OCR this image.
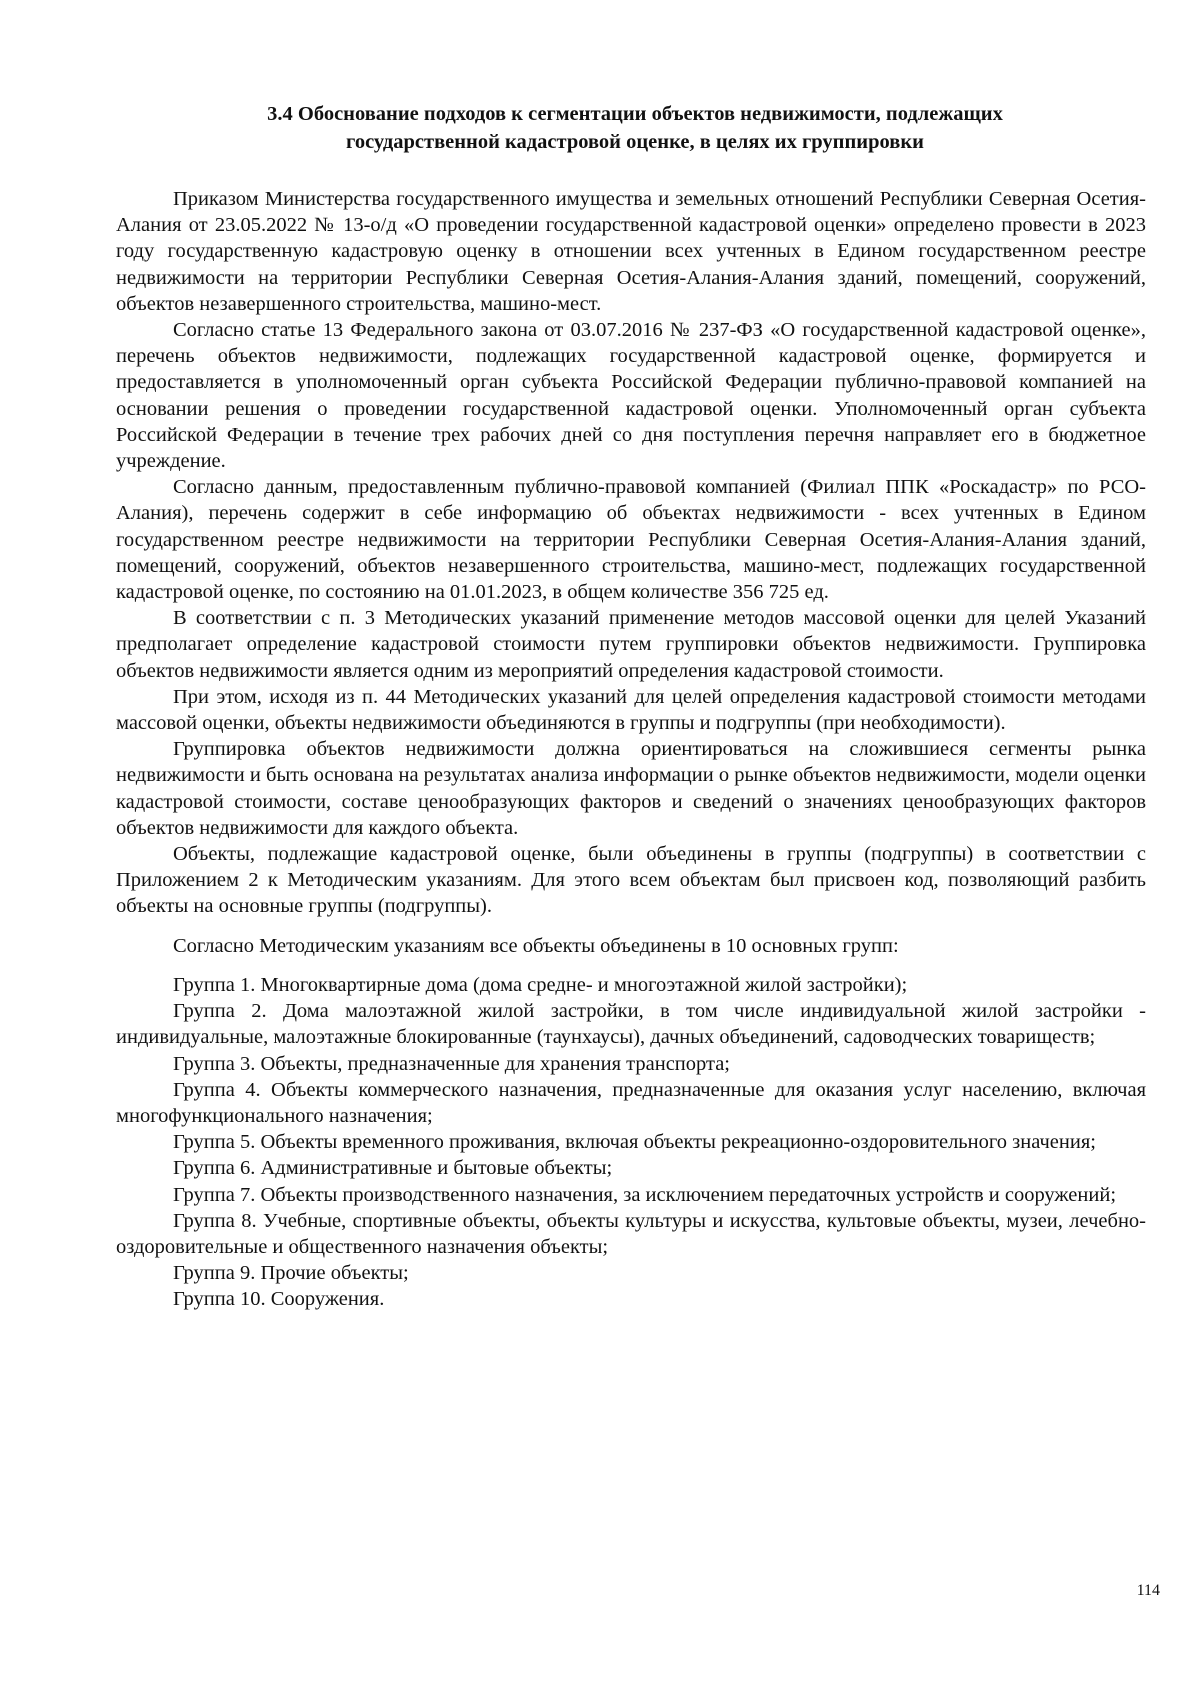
3.4 Обоснование подходов к сегментации объектов недвижимости, подлежащих
государственной кадастровой оценке, в целях их группировки

Приказом Министерства государственного имущества и земельных отношений Республики Северная Осетия-Алания от 23.05.2022 № 13-о/д «О проведении государственной кадастровой оценки» определено провести в 2023 году государственную кадастровую оценку в отношении всех учтенных в Едином государственном реестре недвижимости на территории Республики Северная Осетия-Алания-Алания зданий, помещений, сооружений, объектов незавершенного строительства, машино-мест.

Согласно статье 13 Федерального закона от 03.07.2016 № 237-ФЗ «О государственной кадастровой оценке», перечень объектов недвижимости, подлежащих государственной кадастровой оценке, формируется и предоставляется в уполномоченный орган субъекта Российской Федерации публично-правовой компанией на основании решения о проведении государственной кадастровой оценки. Уполномоченный орган субъекта Российской Федерации в течение трех рабочих дней со дня поступления перечня направляет его в бюджетное учреждение.

Согласно данным, предоставленным публично-правовой компанией (Филиал ППК «Роскадастр» по РСО-Алания), перечень содержит в себе информацию об объектах недвижимости - всех учтенных в Едином государственном реестре недвижимости на территории Республики Северная Осетия-Алания-Алания зданий, помещений, сооружений, объектов незавершенного строительства, машино-мест, подлежащих государственной кадастровой оценке, по состоянию на 01.01.2023, в общем количестве 356 725 ед.

В соответствии с п. 3 Методических указаний применение методов массовой оценки для целей Указаний предполагает определение кадастровой стоимости путем группировки объектов недвижимости. Группировка объектов недвижимости является одним из мероприятий определения кадастровой стоимости.

При этом, исходя из п. 44 Методических указаний для целей определения кадастровой стоимости методами массовой оценки, объекты недвижимости объединяются в группы и подгруппы (при необходимости).

Группировка объектов недвижимости должна ориентироваться на сложившиеся сегменты рынка недвижимости и быть основана на результатах анализа информации о рынке объектов недвижимости, модели оценки кадастровой стоимости, составе ценообразующих факторов и сведений о значениях ценообразующих факторов объектов недвижимости для каждого объекта.

Объекты, подлежащие кадастровой оценке, были объединены в группы (подгруппы) в соответствии с Приложением 2 к Методическим указаниям. Для этого всем объектам был присвоен код, позволяющий разбить объекты на основные группы (подгруппы).

Согласно Методическим указаниям все объекты объединены в 10 основных групп:

Группа 1. Многоквартирные дома (дома средне- и многоэтажной жилой застройки);

Группа 2. Дома малоэтажной жилой застройки, в том числе индивидуальной жилой застройки - индивидуальные, малоэтажные блокированные (таунхаусы), дачных объединений, садоводческих товариществ;

Группа 3. Объекты, предназначенные для хранения транспорта;

Группа 4. Объекты коммерческого назначения, предназначенные для оказания услуг населению, включая многофункционального назначения;

Группа 5. Объекты временного проживания, включая объекты рекреационно-оздоровительного значения;

Группа 6. Административные и бытовые объекты;

Группа 7. Объекты производственного назначения, за исключением передаточных устройств и сооружений;

Группа 8. Учебные, спортивные объекты, объекты культуры и искусства, культовые объекты, музеи, лечебно-оздоровительные и общественного назначения объекты;

Группа 9. Прочие объекты;

Группа 10. Сооружения.

114
